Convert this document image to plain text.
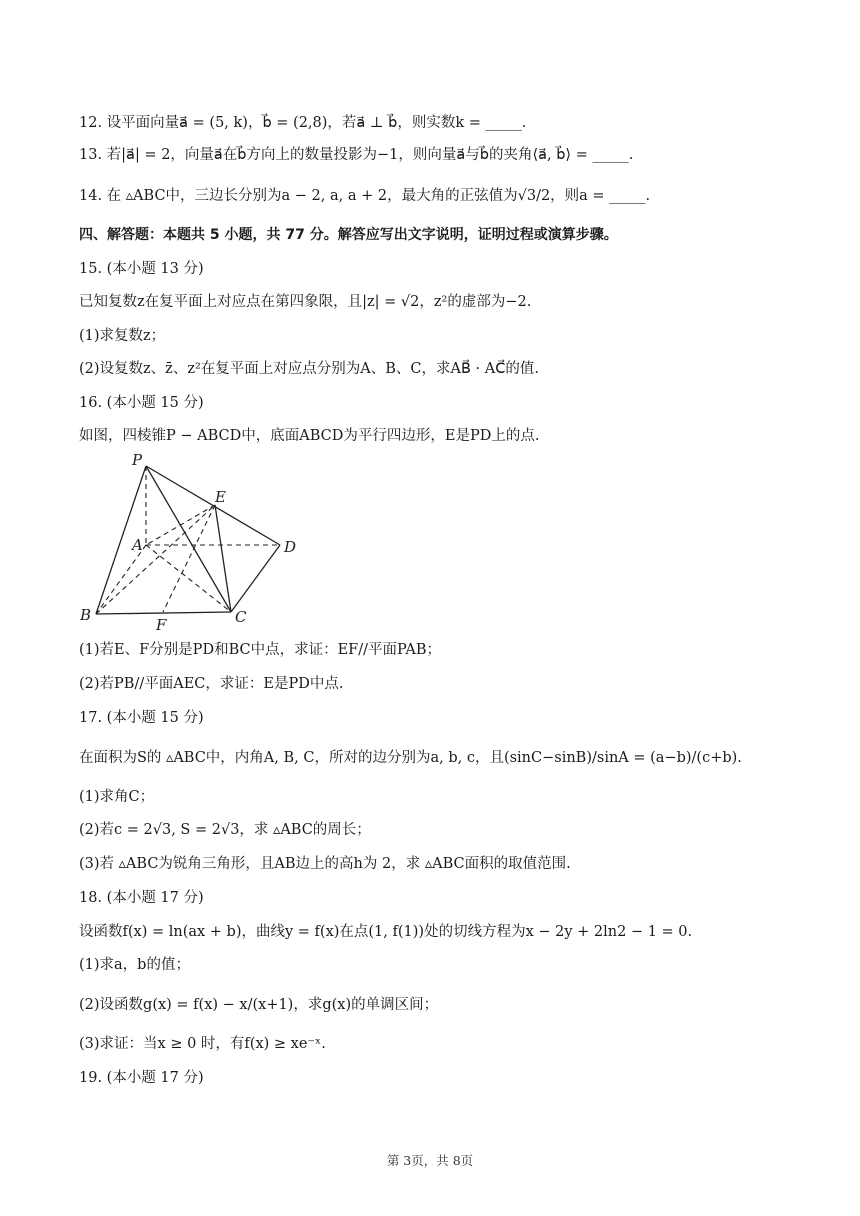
12. 设平面向量a⃗ = (5, k)，b⃗ = (2,8)，若a⃗ ⊥ b⃗，则实数k = _____.
13. 若|a⃗| = 2，向量a⃗在b⃗方向上的数量投影为−1，则向量a⃗与b⃗的夹角⟨a⃗, b⃗⟩ = _____.
14. 在 ▵ABC中，三边长分别为a − 2, a, a + 2，最大角的正弦值为√3/2，则a = _____.
四、解答题：本题共 5 小题，共 77 分。解答应写出文字说明，证明过程或演算步骤。
15. (本小题 13 分)
已知复数z在复平面上对应点在第四象限，且|z| = √2，z²的虚部为−2.
(1)求复数z；
(2)设复数z、z̄、z²在复平面上对应点分别为A、B、C，求AB⃗ · AC⃗的值.
16. (本小题 15 分)
如图，四棱锥P − ABCD中，底面ABCD为平行四边形，E是PD上的点.
P
E
A	D
B	C
F
(1)若E、F分别是PD和BC中点，求证：EF//平面PAB；
(2)若PB//平面AEC，求证：E是PD中点.
17. (本小题 15 分)
在面积为S的 ▵ABC中，内角A, B, C，所对的边分别为a, b, c，且(sinC−sinB)/sinA = (a−b)/(c+b).
(1)求角C；
(2)若c = 2√3, S = 2√3，求 ▵ABC的周长；
(3)若 ▵ABC为锐角三角形，且AB边上的高h为 2，求 ▵ABC面积的取值范围.
18. (本小题 17 分)
设函数f(x) = ln(ax + b)，曲线y = f(x)在点(1, f(1))处的切线方程为x − 2y + 2ln2 − 1 = 0.
(1)求a，b的值；
(2)设函数g(x) = f(x) − x/(x+1)，求g(x)的单调区间；
(3)求证：当x ≥ 0 时，有f(x) ≥ xe⁻ˣ.
19. (本小题 17 分)
第 3页，共 8页
